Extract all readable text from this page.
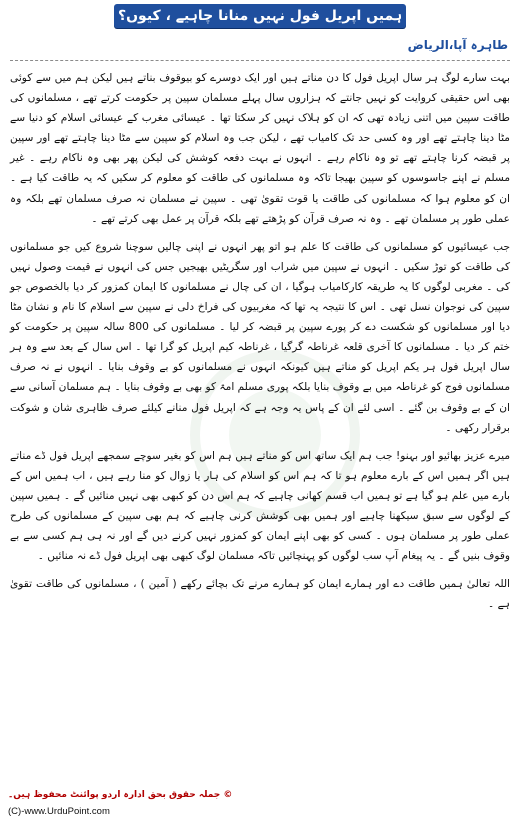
ہمیں اپریل فول نہیں منانا چاہیے ، کیوں؟
طاہرہ آپا،الریاض

بہت سارے لوگ ہر سال اپریل فول کا دن مناتے ہیں اور ایک دوسرے کو بیوقوف بناتے ہیں لیکن ہم میں سے کوئی بھی اس حقیقی کروایت کو نہیں جانتے کہ ہزاروں سال پہلے مسلمان سپین پر حکومت کرتے تھے ، مسلمانوں کی طاقت سپین میں اتنی زیادہ تھی کہ ان کو ہلاک نہیں کر سکتا تھا ۔ عیسائی مغرب کے عیسائی اسلام کو دنیا سے مٹا دینا چاہتے تھے اور وہ کسی حد تک کامیاب تھے ، لیکن جب وہ اسلام کو سپین سے مٹا دینا چاہتے تھے اور سپین پر قبضہ کرنا چاہتے تھے تو وہ ناکام رہے ۔ انہوں نے بہت دفعہ کوشش کی لیکن پھر بھی وہ ناکام رہے ۔ غیر مسلم نے اپنے جاسوسوں کو سپین بھیجا تاکہ وہ مسلمانوں کی طاقت کو معلوم کر سکیں کہ یہ طاقت کیا ہے ۔ ان کو معلوم ہوا کہ مسلمانوں کی طاقت یا قوت تقویٰ تھی ۔ سپین نے مسلمان نہ صرف مسلمان تھے بلکہ وہ عملی طور پر مسلمان تھے ۔ وہ نہ صرف قرآن کو پڑھتے تھے بلکہ قرآن پر عمل بھی کرتے تھے ۔

جب عیسائیوں کو مسلمانوں کی طاقت کا علم ہو اتو پھر انہوں نے اپنی چالیں سوچنا شروع کیں جو مسلمانوں کی طاقت کو توڑ سکیں ۔ انہوں نے سپین میں شراب اور سگریٹیں بھیجیں جس کی انہوں نے قیمت وصول نہیں کی ۔ مغربی لوگوں کا یہ طریقہ کارکامیاب ہوگیا ، ان کی چال نے مسلمانوں کا ایمان کمزور کر دیا بالخصوص جو سپین کی نوجوان نسل تھی ۔ اس کا نتیجہ یہ تھا کہ مغربیوں کی فراخ دلی نے سپین سے اسلام کا نام و نشان مٹا دیا اور مسلمانوں کو شکست دے کر پورے سپین پر قبضہ کر لیا ۔ مسلمانوں کی 800 سالہ سپین پر حکومت کو ختم کر دیا ۔ مسلمانوں کا آخری قلعہ غرناطہ گرگیا ، غرناطہ کیم اپریل کو گرا تھا ۔ اس سال کے بعد سے وہ ہر سال اپریل فول ہر یکم اپریل کو مناتے ہیں کیونکہ انہوں نے مسلمانوں کو بے وقوف بنایا ۔ انہوں نے نہ صرف مسلمانوں فوج کو غرناطہ میں بے وقوف بنایا بلکہ پوری مسلم امۃ کو بھی بے وقوف بنایا ۔ ہم مسلمان آسانی سے ان کے بے وقوف بن گئے ۔ اسی لئے ان کے پاس یہ وجہ ہے کہ اپریل فول منانے کیلئے صرف ظاہری شان و شوکت برقرار رکھی ۔

میرے عزیز بھائیو اور بہنو! جب ہم ایک ساتھ اس کو مناتے ہیں ہم اس کو بغیر سوچے سمجھے اپریل فول ڈے مناتے ہیں اگر ہمیں اس کے بارے معلوم ہو تا کہ ہم اس کو اسلام کی ہار یا زوال کو منا رہے ہیں ، اب ہمیں اس کے بارے میں علم ہو گیا ہے تو ہمیں اب قسم کھانی چاہیے کہ ہم اس دن کو کبھی بھی نہیں منائیں گے ۔ ہمیں سپین کے لوگوں سے سبق سیکھنا چاہیے اور ہمیں بھی کوشش کرنی چاہیے کہ ہم بھی سپین کے مسلمانوں کی طرح عملی طور پر مسلمان ہوں ۔ کسی کو بھی اپنے ایمان کو کمزور نہیں کرنے دیں گے اور نہ ہی ہم کسی سے بے وقوف بنیں گے ۔ یہ پیغام آپ سب لوگوں کو پہنچائیں تاکہ مسلمان لوگ کبھی بھی اپریل فول ڈے نہ منائیں ۔

اللہ تعالیٰ ہمیں طاقت دے اور ہمارے ایمان کو ہمارے مرنے تک بچائے رکھے ( آمین ) ، مسلمانوں کی طاقت تقویٰ ہے ۔

© جملہ حقوق بحق ادارہ اردو پوائنٹ محفوظ ہیں۔
(C)-www.UrduPoint.com
